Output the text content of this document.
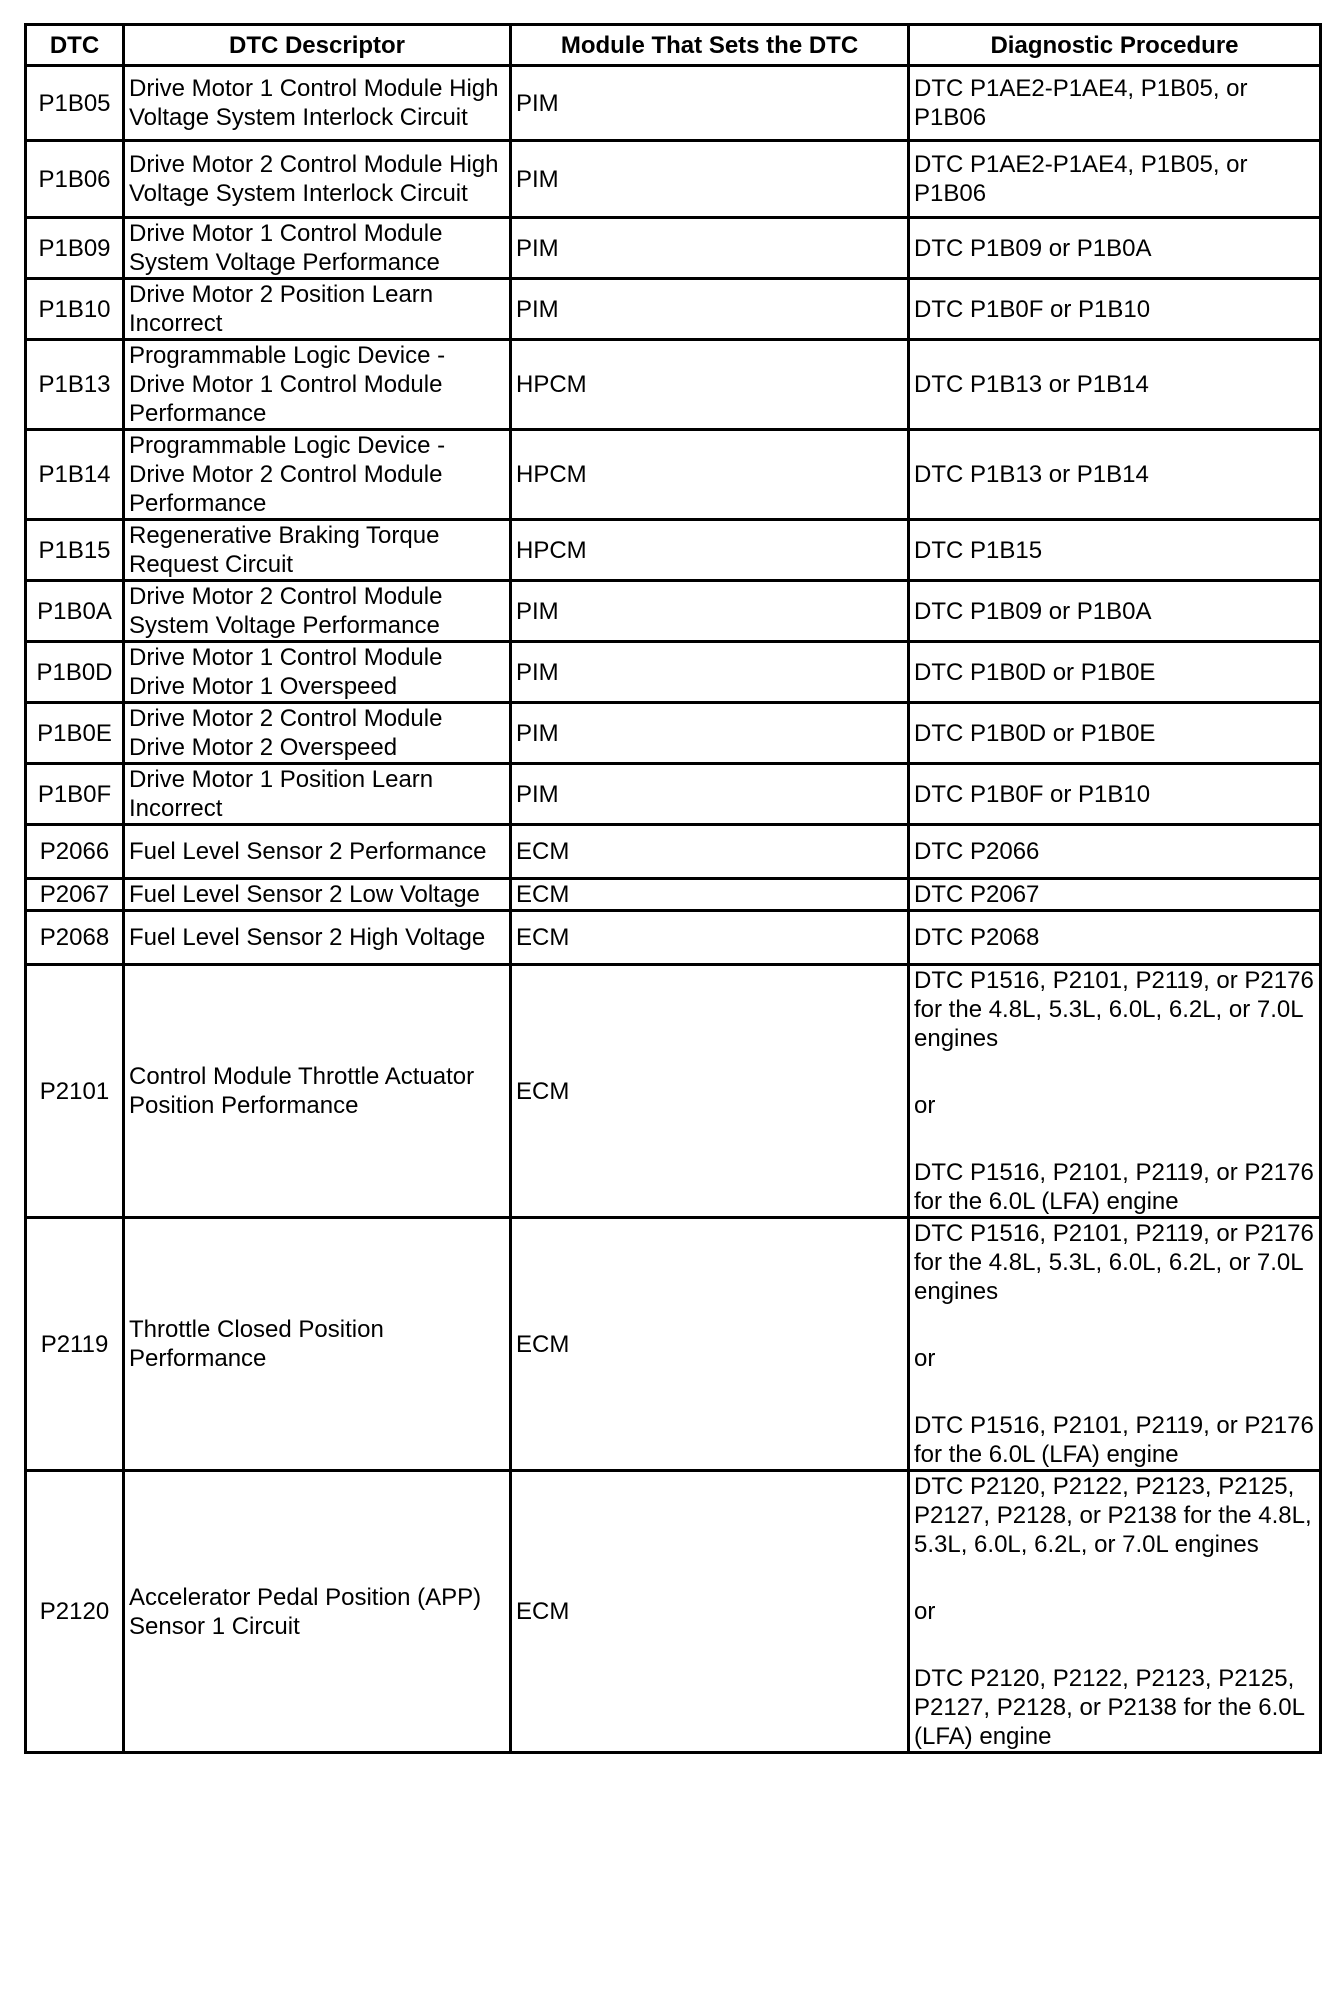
DTC	DTC Descriptor	Module That Sets the DTC	Diagnostic Procedure
P1B05	Drive Motor 1 Control Module High Voltage System Interlock Circuit	PIM	DTC P1AE2-P1AE4, P1B05, or P1B06

P1B06	Drive Motor 2 Control Module High Voltage System Interlock Circuit	PIM	DTC P1AE2-P1AE4, P1B05, or P1B06

P1B09	Drive Motor 1 Control Module System Voltage Performance	PIM	DTC P1B09 or P1B0A

P1B10	Drive Motor 2 Position Learn Incorrect	PIM	DTC P1B0F or P1B10

P1B13	Programmable Logic Device - Drive Motor 1 Control Module Performance	HPCM	DTC P1B13 or P1B14

P1B14	Programmable Logic Device - Drive Motor 2 Control Module Performance	HPCM	DTC P1B13 or P1B14

P1B15	Regenerative Braking Torque Request Circuit	HPCM	DTC P1B15

P1B0A	Drive Motor 2 Control Module System Voltage Performance	PIM	DTC P1B09 or P1B0A

P1B0D	Drive Motor 1 Control Module Drive Motor 1 Overspeed	PIM	DTC P1B0D or P1B0E

P1B0E	Drive Motor 2 Control Module Drive Motor 2 Overspeed	PIM	DTC P1B0D or P1B0E

P1B0F	Drive Motor 1 Position Learn Incorrect	PIM	DTC P1B0F or P1B10

P2066	Fuel Level Sensor 2 Performance	ECM	DTC P2066

P2067	Fuel Level Sensor 2 Low Voltage	ECM	DTC P2067

P2068	Fuel Level Sensor 2 High Voltage	ECM	DTC P2068

P2101	Control Module Throttle Actuator Position Performance	ECM	DTC P1516, P2101, P2119, or P2176 for the 4.8L, 5.3L, 6.0L, 6.2L, or 7.0L engines
or
DTC P1516, P2101, P2119, or P2176 for the 6.0L (LFA) engine

P2119	Throttle Closed Position Performance	ECM	DTC P1516, P2101, P2119, or P2176 for the 4.8L, 5.3L, 6.0L, 6.2L, or 7.0L engines
or
DTC P1516, P2101, P2119, or P2176 for the 6.0L (LFA) engine

P2120	Accelerator Pedal Position (APP) Sensor 1 Circuit	ECM	DTC P2120, P2122, P2123, P2125, P2127, P2128, or P2138 for the 4.8L, 5.3L, 6.0L, 6.2L, or 7.0L engines
or
DTC P2120, P2122, P2123, P2125, P2127, P2128, or P2138 for the 6.0L (LFA) engine
